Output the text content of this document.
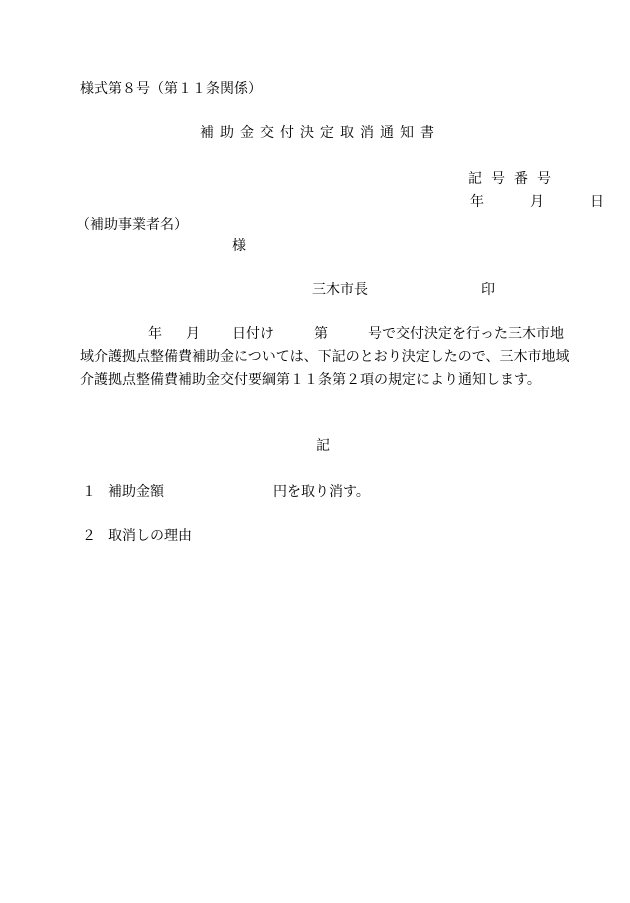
様式第８号（第１１条関係）
補助金交付決定取消通知書
記号番号
年	月	日
（補助事業者名）
様
三木市長	印
年 月 日付け	第	号で交付決定を行った三木市地
域介護拠点整備費補助金については、下記のとおり決定したので、三木市地域
介護拠点整備費補助金交付要綱第１１条第２項の規定により通知します。
記
１ 補助金額	円を取り消す。
２ 取消しの理由
